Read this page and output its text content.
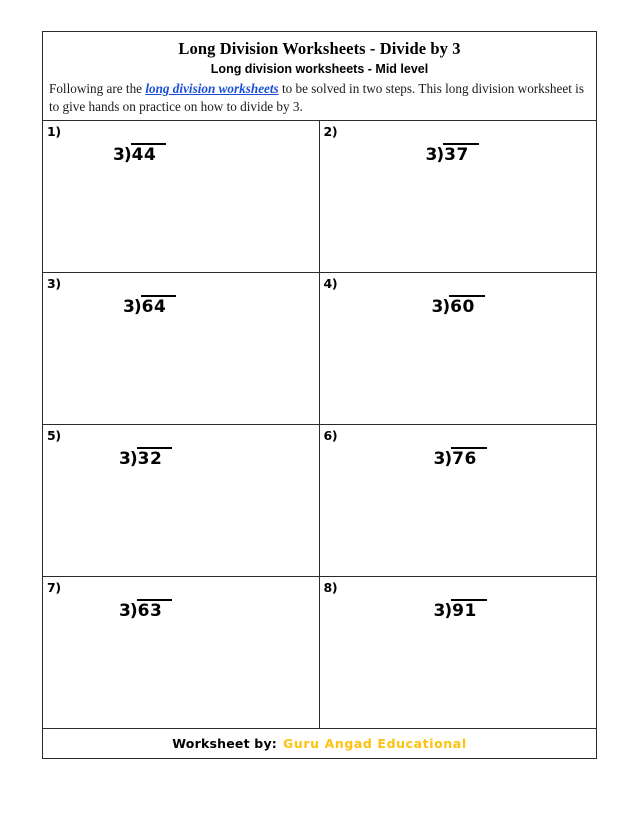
Long Division Worksheets - Divide by 3
Long division worksheets - Mid level

Following are the long division worksheets to be solved in two steps. This long division worksheet is to give hands on practice on how to divide by 3.

1)
3)44
2)
3)37
3)
3)64
4)
3)60
5)
3)32
6)
3)76
7)
3)63
8)
3)91
Worksheet by: Guru Angad Educational
